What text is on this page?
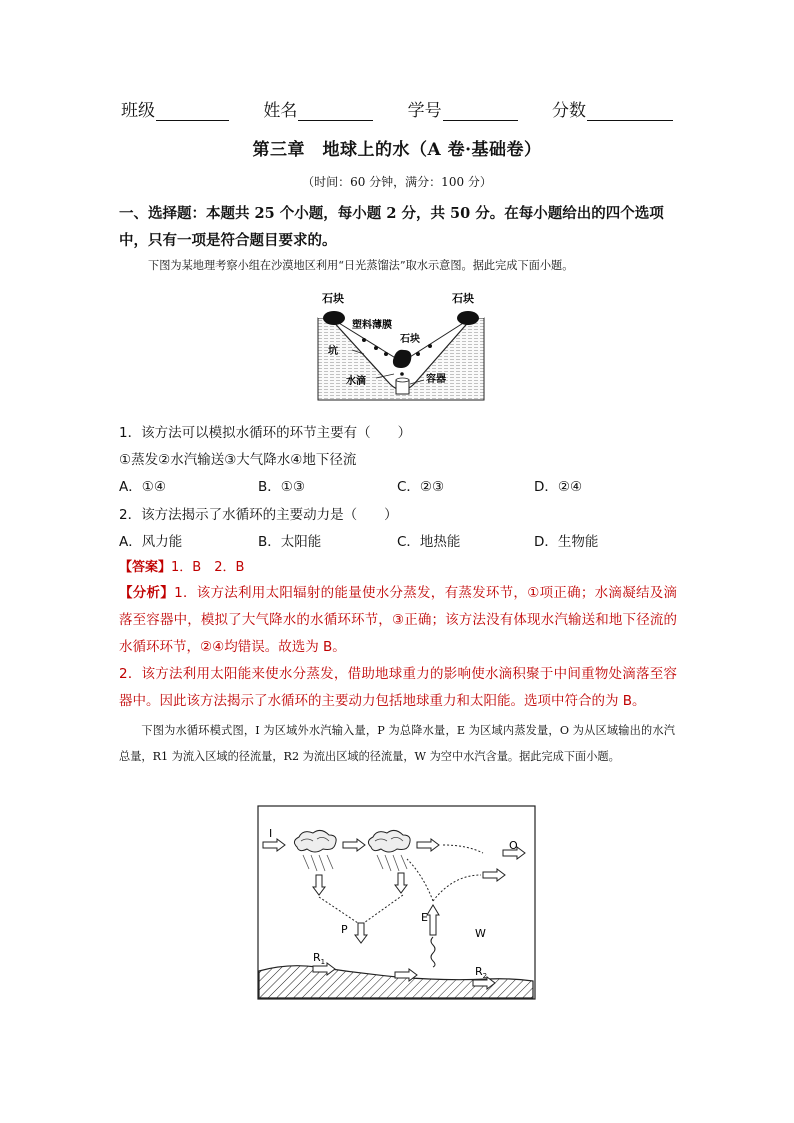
班级	姓名	学号	分数
第三章　地球上的水（A 卷·基础卷）
（时间：60 分钟，满分：100 分）
一、选择题：本题共 25 个小题，每小题 2 分，共 50 分。在每小题给出的四个选项中，只有一项是符合题目要求的。
下图为某地理考察小组在沙漠地区利用“日光蒸馏法”取水示意图。据此完成下面小题。
石块	石块
塑料薄膜
石块
坑
水滴	容器
1．该方法可以模拟水循环的环节主要有（　　）
①蒸发②水汽输送③大气降水④地下径流
A．①④	B．①③	C．②③	D．②④
2．该方法揭示了水循环的主要动力是（　　）
A．风力能	B．太阳能	C．地热能	D．生物能
【答案】1．B　2．B
【分析】1．该方法利用太阳辐射的能量使水分蒸发，有蒸发环节，①项正确；水滴凝结及滴落至容器中，模拟了大气降水的水循环环节，③正确；该方法没有体现水汽输送和地下径流的水循环环节，②④均错误。故选为 B。
2．该方法利用太阳能来使水分蒸发，借助地球重力的影响使水滴积聚于中间重物处滴落至容器中。因此该方法揭示了水循环的主要动力包括地球重力和太阳能。选项中符合的为 B。
下图为水循环模式图，I 为区域外水汽输入量，P 为总降水量，E 为区域内蒸发量，O 为从区域输出的水汽总量，R1 为流入区域的径流量，R2 为流出区域的径流量，W 为空中水汽含量。据此完成下面小题。
I
P
O
E
W
$R_1$
$R_2$
